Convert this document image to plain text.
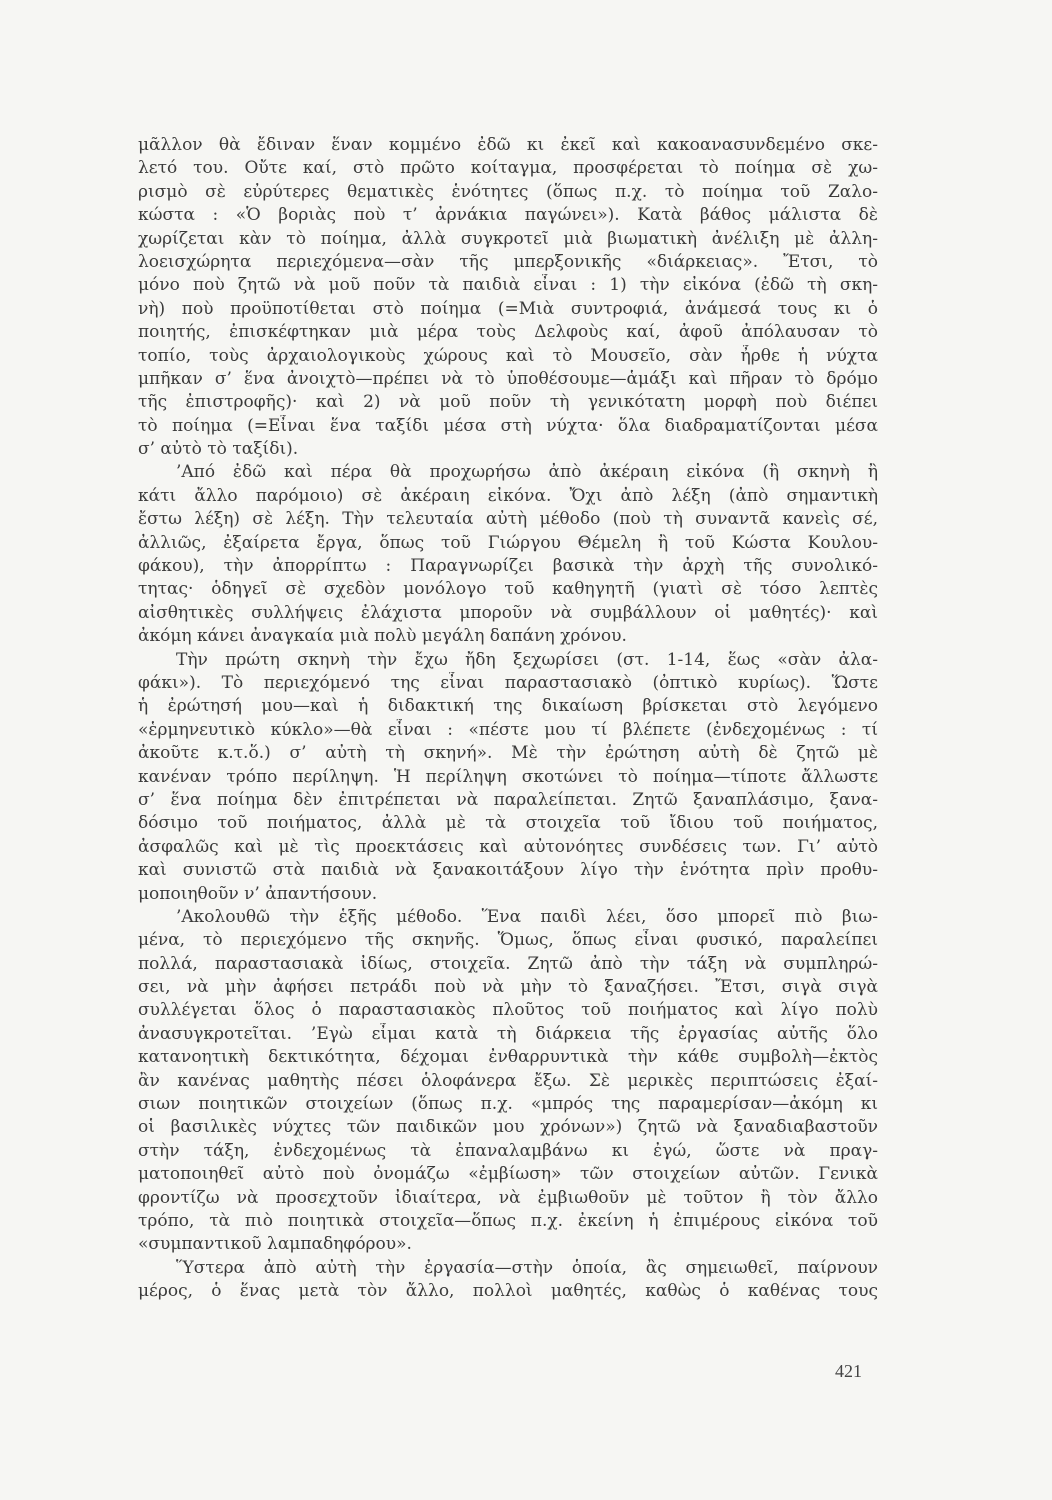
μᾶλλον θὰ ἔδιναν ἕναν κομμένο ἐδῶ κι ἐκεῖ καὶ κακοανασυνδεμένο σκε-
λετό του. Οὔτε καί, στὸ πρῶτο κοίταγμα, προσφέρεται τὸ ποίημα σὲ χω-
ρισμὸ σὲ εὐρύτερες θεματικὲς ἑνότητες (ὅπως π.χ. τὸ ποίημα τοῦ Ζαλο-
κώστα : «Ὁ βοριὰς ποὺ τ’ ἀρνάκια παγώνει»). Κατὰ βάθος μάλιστα δὲ
χωρίζεται κὰν τὸ ποίημα, ἀλλὰ συγκροτεῖ μιὰ βιωματικὴ ἀνέλιξη μὲ ἀλλη-
λοεισχώρητα περιεχόμενα—σὰν τῆς μπερξονικῆς «διάρκειας». Ἔτσι, τὸ
μόνο ποὺ ζητῶ νὰ μοῦ ποῦν τὰ παιδιὰ εἶναι : 1) τὴν εἰκόνα (ἐδῶ τὴ σκη-
νὴ) ποὺ προϋποτίθεται στὸ ποίημα (=Μιὰ συντροφιά, ἀνάμεσά τους κι ὁ
ποιητής, ἐπισκέφτηκαν μιὰ μέρα τοὺς Δελφοὺς καί, ἀφοῦ ἀπόλαυσαν τὸ
τοπίο, τοὺς ἀρχαιολογικοὺς χώρους καὶ τὸ Μουσεῖο, σὰν ἦρθε ἡ νύχτα
μπῆκαν σ’ ἕνα ἀνοιχτὸ—πρέπει νὰ τὸ ὑποθέσουμε—ἁμάξι καὶ πῆραν τὸ δρόμο
τῆς ἐπιστροφῆς)· καὶ 2) νὰ μοῦ ποῦν τὴ γενικότατη μορφὴ ποὺ διέπει
τὸ ποίημα (=Εἶναι ἕνα ταξίδι μέσα στὴ νύχτα· ὅλα διαδραματίζονται μέσα
σ’ αὐτὸ τὸ ταξίδι).
’Από ἐδῶ καὶ πέρα θὰ προχωρήσω ἀπὸ ἀκέραιη εἰκόνα (ἢ σκηνὴ ἢ
κάτι ἄλλο παρόμοιο) σὲ ἀκέραιη εἰκόνα. Ὄχι ἀπὸ λέξη (ἀπὸ σημαντικὴ
ἔστω λέξη) σὲ λέξη. Τὴν τελευταία αὐτὴ μέθοδο (ποὺ τὴ συναντᾶ κανεὶς σέ,
ἀλλιῶς, ἐξαίρετα ἔργα, ὅπως τοῦ Γιώργου Θέμελη ἢ τοῦ Κώστα Κουλου-
φάκου), τὴν ἀπορρίπτω : Παραγνωρίζει βασικὰ τὴν ἀρχὴ τῆς συνολικό-
τητας· ὁδηγεῖ σὲ σχεδὸν μονόλογο τοῦ καθηγητῆ (γιατὶ σὲ τόσο λεπτὲς
αἰσθητικὲς συλλήψεις ἐλάχιστα μποροῦν νὰ συμβάλλουν οἱ μαθητές)· καὶ
ἀκόμη κάνει ἀναγκαία μιὰ πολὺ μεγάλη δαπάνη χρόνου.
Τὴν πρώτη σκηνὴ τὴν ἔχω ἤδη ξεχωρίσει (στ. 1-14, ἕως «σὰν ἀλα-
φάκι»). Τὸ περιεχόμενό της εἶναι παραστασιακὸ (ὀπτικὸ κυρίως). Ὥστε
ἡ ἐρώτησή μου—καὶ ἡ διδακτική της δικαίωση βρίσκεται στὸ λεγόμενο
«ἑρμηνευτικὸ κύκλο»—θὰ εἶναι : «πέστε μου τί βλέπετε (ἐνδεχομένως : τί
ἀκοῦτε κ.τ.ὅ.) σ’ αὐτὴ τὴ σκηνή». Μὲ τὴν ἐρώτηση αὐτὴ δὲ ζητῶ μὲ
κανέναν τρόπο περίληψη. Ἡ περίληψη σκοτώνει τὸ ποίημα—τίποτε ἄλλωστε
σ’ ἕνα ποίημα δὲν ἐπιτρέπεται νὰ παραλείπεται. Ζητῶ ξαναπλάσιμο, ξανα-
δόσιμο τοῦ ποιήματος, ἀλλὰ μὲ τὰ στοιχεῖα τοῦ ἴδιου τοῦ ποιήματος,
ἀσφαλῶς καὶ μὲ τὶς προεκτάσεις καὶ αὐτονόητες συνδέσεις των. Γι’ αὐτὸ
καὶ συνιστῶ στὰ παιδιὰ νὰ ξανακοιτάξουν λίγο τὴν ἑνότητα πρὶν προθυ-
μοποιηθοῦν ν’ ἀπαντήσουν.
’Ακολουθῶ τὴν ἑξῆς μέθοδο. Ἕνα παιδὶ λέει, ὅσο μπορεῖ πιὸ βιω-
μένα, τὸ περιεχόμενο τῆς σκηνῆς. Ὅμως, ὅπως εἶναι φυσικό, παραλείπει
πολλά, παραστασιακὰ ἰδίως, στοιχεῖα. Ζητῶ ἀπὸ τὴν τάξη νὰ συμπληρώ-
σει, νὰ μὴν ἀφήσει πετράδι ποὺ νὰ μὴν τὸ ξαναζήσει. Ἔτσι, σιγὰ σιγὰ
συλλέγεται ὅλος ὁ παραστασιακὸς πλοῦτος τοῦ ποιήματος καὶ λίγο πολὺ
ἀνασυγκροτεῖται. ’Εγὼ εἶμαι κατὰ τὴ διάρκεια τῆς ἐργασίας αὐτῆς ὅλο
κατανοητικὴ δεκτικότητα, δέχομαι ἐνθαρρυντικὰ τὴν κάθε συμβολὴ—ἐκτὸς
ἂν κανένας μαθητὴς πέσει ὁλοφάνερα ἔξω. Σὲ μερικὲς περιπτώσεις ἐξαί-
σιων ποιητικῶν στοιχείων (ὅπως π.χ. «μπρός της παραμερίσαν—ἀκόμη κι
οἱ βασιλικὲς νύχτες τῶν παιδικῶν μου χρόνων») ζητῶ νὰ ξαναδιαβαστοῦν
στὴν τάξη, ἐνδεχομένως τὰ ἐπαναλαμβάνω κι ἐγώ, ὥστε νὰ πραγ-
ματοποιηθεῖ αὐτὸ ποὺ ὀνομάζω «ἐμβίωση» τῶν στοιχείων αὐτῶν. Γενικὰ
φροντίζω νὰ προσεχτοῦν ἰδιαίτερα, νὰ ἐμβιωθοῦν μὲ τοῦτον ἢ τὸν ἄλλο
τρόπο, τὰ πιὸ ποιητικὰ στοιχεῖα—ὅπως π.χ. ἐκείνη ἡ ἐπιμέρους εἰκόνα τοῦ
«συμπαντικοῦ λαμπαδηφόρου».
Ὕστερα ἀπὸ αὐτὴ τὴν ἐργασία—στὴν ὁποία, ἂς σημειωθεῖ, παίρνουν
μέρος, ὁ ἕνας μετὰ τὸν ἄλλο, πολλοὶ μαθητές, καθὼς ὁ καθένας τους
421
